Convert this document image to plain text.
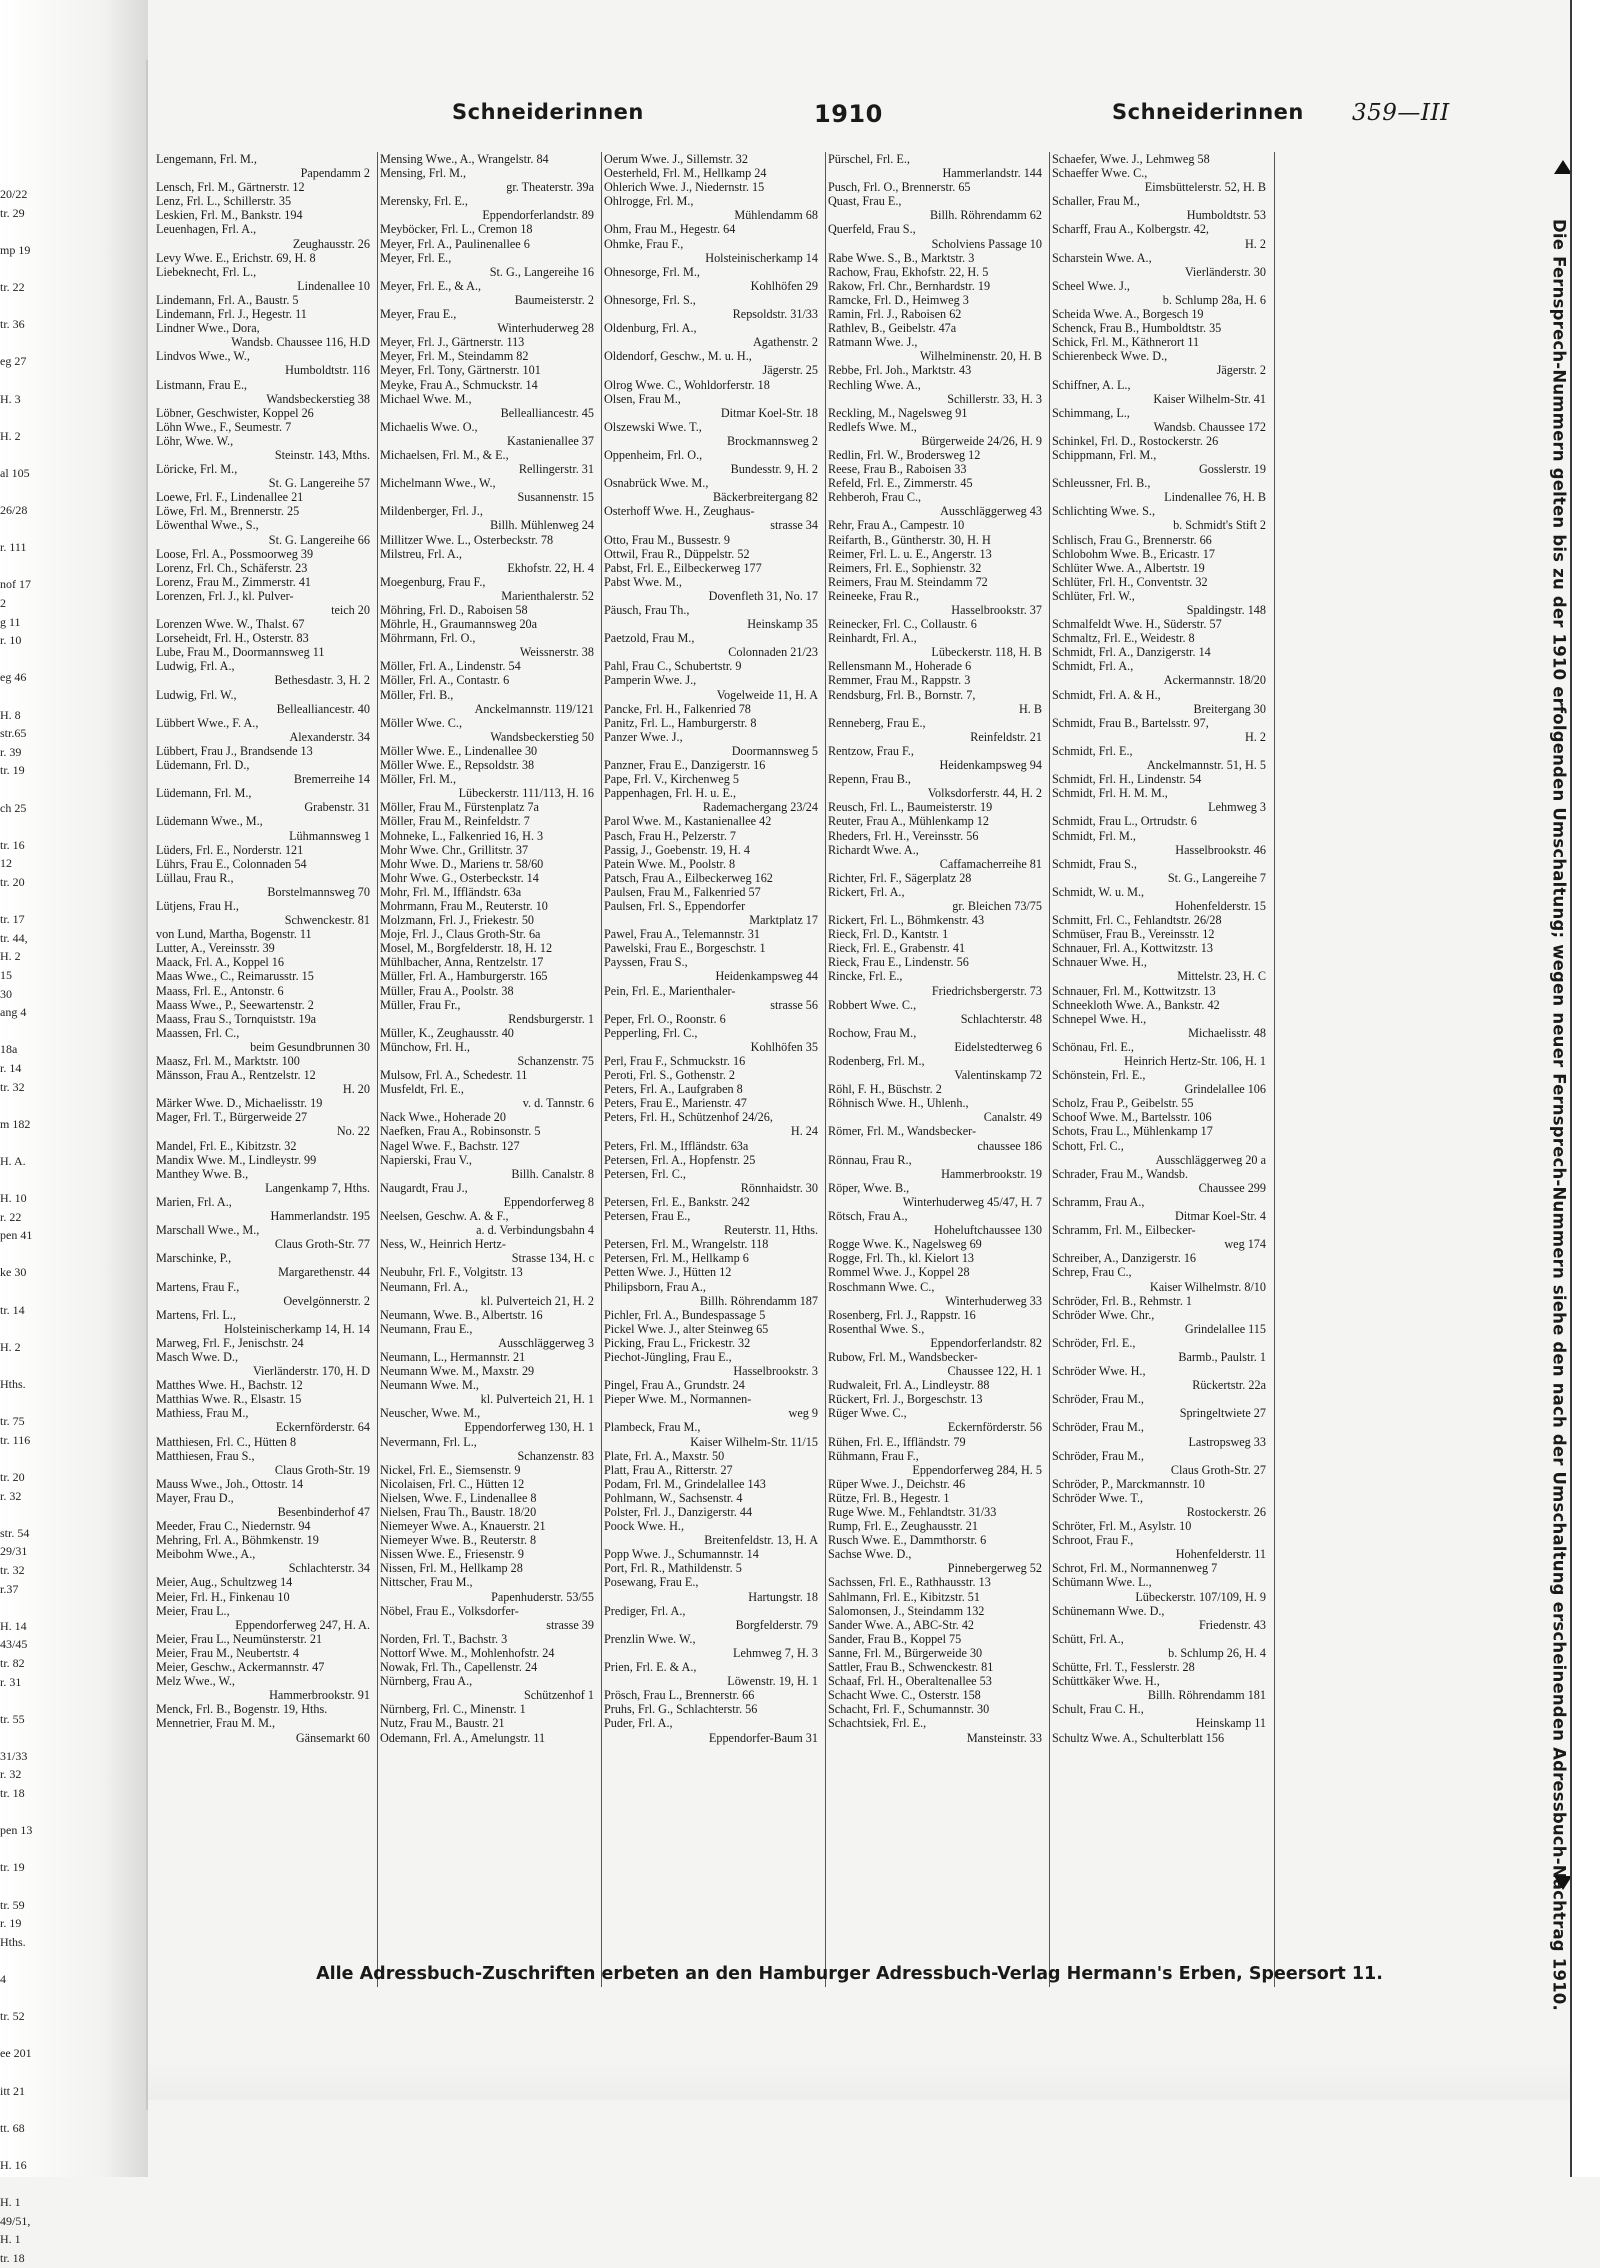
20/22
tr. 29

mp 19

tr. 22

tr. 36

eg 27

H. 3

H. 2

al 105

26/28

r. 111

nof 17
2
g 11
r. 10

eg 46

H. 8
str.65
r. 39
tr. 19

ch 25

tr. 16
12
tr. 20

tr. 17
tr. 44,
H. 2
15
30
ang 4

18a
r. 14
tr. 32

m 182

H. A.

H. 10
r. 22
pen 41

ke 30

tr. 14

H. 2

Hths.

tr. 75
tr. 116

tr. 20
r. 32

str. 54
29/31
tr. 32
r.37

H. 14
43/45
tr. 82
r. 31

tr. 55

31/33
r. 32
tr. 18

pen 13

tr. 19

tr. 59
r. 19
Hths.

4

tr. 52

ee 201

itt 21

tt. 68

H. 16

H. 1
49/51,
H. 1
tr. 18
Schneiderinnen	1910	Schneiderinnen 359—III
Lengemann, Frl. M.,
Papendamm 2
Lensch, Frl. M., Gärtnerstr. 12
Lenz, Frl. L., Schillerstr. 35
Leskien, Frl. M., Bankstr. 194
Leuenhagen, Frl. A.,
Zeughausstr. 26
Levy Wwe. E., Erichstr. 69, H. 8
Liebeknecht, Frl. L.,
Lindenallee 10
Lindemann, Frl. A., Baustr. 5
Lindemann, Frl. J., Hegestr. 11
Lindner Wwe., Dora,
Wandsb. Chaussee 116, H.D
Lindvos Wwe., W.,
Humboldtstr. 116
Listmann, Frau E.,
Wandsbeckerstieg 38
Löbner, Geschwister, Koppel 26
Löhn Wwe., F., Seumestr. 7
Löhr, Wwe. W.,
Steinstr. 143, Mths.
Löricke, Frl. M.,
St. G. Langereihe 57
Loewe, Frl. F., Lindenallee 21
Löwe, Frl. M., Brennerstr. 25
Löwenthal Wwe., S.,
St. G. Langereihe 66
Loose, Frl. A., Possmoorweg 39
Lorenz, Frl. Ch., Schäferstr. 23
Lorenz, Frau M., Zimmerstr. 41
Lorenzen, Frl. J., kl. Pulver-
teich 20
Lorenzen Wwe. W., Thalst. 67
Lorseheidt, Frl. H., Osterstr. 83
Lube, Frau M., Doormannsweg 11
Ludwig, Frl. A.,
Bethesdastr. 3, H. 2
Ludwig, Frl. W.,
Bellealliancestr. 40
Lübbert Wwe., F. A.,
Alexanderstr. 34
Lübbert, Frau J., Brandsende 13
Lüdemann, Frl. D.,
Bremerreihe 14
Lüdemann, Frl. M.,
Grabenstr. 31
Lüdemann Wwe., M.,
Lühmannsweg 1
Lüders, Frl. E., Norderstr. 121
Lührs, Frau E., Colonnaden 54
Lüllau, Frau R.,
Borstelmannsweg 70
Lütjens, Frau H.,
Schwenckestr. 81
von Lund, Martha, Bogenstr. 11
Lutter, A., Vereinsstr. 39
Maack, Frl. A., Koppel 16
Maas Wwe., C., Reimarusstr. 15
Maass, Frl. E., Antonstr. 6
Maass Wwe., P., Seewartenstr. 2
Maass, Frau S., Tornquiststr. 19a
Maassen, Frl. C.,
beim Gesundbrunnen 30
Maasz, Frl. M., Marktstr. 100
Mänsson, Frau A., Rentzelstr. 12
H. 20
Märker Wwe. D., Michaelisstr. 19
Mager, Frl. T., Bürgerweide 27
No. 22
Mandel, Frl. E., Kibitzstr. 32
Mandix Wwe. M., Lindleystr. 99
Manthey Wwe. B.,
Langenkamp 7, Hths.
Marien, Frl. A.,
Hammerlandstr. 195
Marschall Wwe., M.,
Claus Groth-Str. 77
Marschinke, P.,
Margarethenstr. 44
Martens, Frau F.,
Oevelgönnerstr. 2
Martens, Frl. L.,
Holsteinischerkamp 14, H. 14
Marweg, Frl. F., Jenischstr. 24
Masch Wwe. D.,
Vierländerstr. 170, H. D
Matthes Wwe. H., Bachstr. 12
Matthias Wwe. R., Elsastr. 15
Mathiess, Frau M.,
Eckernförderstr. 64
Matthiesen, Frl. C., Hütten 8
Matthiesen, Frau S.,
Claus Groth-Str. 19
Mauss Wwe., Joh., Ottostr. 14
Mayer, Frau D.,
Besenbinderhof 47
Meeder, Frau C., Niedernstr. 94
Mehring, Frl. A., Böhmkenstr. 19
Meibohm Wwe., A.,
Schlachterstr. 34
Meier, Aug., Schultzweg 14
Meier, Frl. H., Finkenau 10
Meier, Frau L.,
Eppendorferweg 247, H. A.
Meier, Frau L., Neumünsterstr. 21
Meier, Frau M., Neubertstr. 4
Meier, Geschw., Ackermannstr. 47
Melz Wwe., W.,
Hammerbrookstr. 91
Menck, Frl. B., Bogenstr. 19, Hths.
Mennetrier, Frau M. M.,
Gänsemarkt 60
Mensing Wwe., A., Wrangelstr. 84
Mensing, Frl. M.,
gr. Theaterstr. 39a
Merensky, Frl. E.,
Eppendorferlandstr. 89
Meyböcker, Frl. L., Cremon 18
Meyer, Frl. A., Paulinenallee 6
Meyer, Frl. E.,
St. G., Langereihe 16
Meyer, Frl. E., & A.,
Baumeisterstr. 2
Meyer, Frau E.,
Winterhuderweg 28
Meyer, Frl. J., Gärtnerstr. 113
Meyer, Frl. M., Steindamm 82
Meyer, Frl. Tony, Gärtnerstr. 101
Meyke, Frau A., Schmuckstr. 14
Michael Wwe. M.,
Bellealliancestr. 45
Michaelis Wwe. O.,
Kastanienallee 37
Michaelsen, Frl. M., & E.,
Rellingerstr. 31
Michelmann Wwe., W.,
Susannenstr. 15
Mildenberger, Frl. J.,
Billh. Mühlenweg 24
Millitzer Wwe. L., Osterbeckstr. 78
Milstreu, Frl. A.,
Ekhofstr. 22, H. 4
Moegenburg, Frau F.,
Marienthalerstr. 52
Möhring, Frl. D., Raboisen 58
Möhrle, H., Graumannsweg 20a
Möhrmann, Frl. O.,
Weissnerstr. 38
Möller, Frl. A., Lindenstr. 54
Möller, Frl. A., Contastr. 6
Möller, Frl. B.,
Anckelmannstr. 119/121
Möller Wwe. C.,
Wandsbeckerstieg 50
Möller Wwe. E., Lindenallee 30
Möller Wwe. E., Repsoldstr. 38
Möller, Frl. M.,
Lübeckerstr. 111/113, H. 16
Möller, Frau M., Fürstenplatz 7a
Möller, Frau M., Reinfeldstr. 7
Mohneke, L., Falkenried 16, H. 3
Mohr Wwe. Chr., Grillitstr. 37
Mohr Wwe. D., Mariens tr. 58/60
Mohr Wwe. G., Osterbeckstr. 14
Mohr, Frl. M., Iffländstr. 63a
Mohrmann, Frau M., Reuterstr. 10
Molzmann, Frl. J., Friekestr. 50
Moje, Frl. J., Claus Groth-Str. 6a
Mosel, M., Borgfelderstr. 18, H. 12
Mühlbacher, Anna, Rentzelstr. 17
Müller, Frl. A., Hamburgerstr. 165
Müller, Frau A., Poolstr. 38
Müller, Frau Fr.,
Rendsburgerstr. 1
Müller, K., Zeughausstr. 40
Münchow, Frl. H.,
Schanzenstr. 75
Mulsow, Frl. A., Schedestr. 11
Musfeldt, Frl. E.,
v. d. Tannstr. 6
Nack Wwe., Hoherade 20
Naefken, Frau A., Robinsonstr. 5
Nagel Wwe. F., Bachstr. 127
Napierski, Frau V.,
Billh. Canalstr. 8
Naugardt, Frau J.,
Eppendorferweg 8
Neelsen, Geschw. A. & F.,
a. d. Verbindungsbahn 4
Ness, W., Heinrich Hertz-
Strasse 134, H. c
Neubuhr, Frl. F., Volgitstr. 13
Neumann, Frl. A.,
kl. Pulverteich 21, H. 2
Neumann, Wwe. B., Albertstr. 16
Neumann, Frau E.,
Ausschläggerweg 3
Neumann, L., Hermannstr. 21
Neumann Wwe. M., Maxstr. 29
Neumann Wwe. M.,
kl. Pulverteich 21, H. 1
Neuscher, Wwe. M.,
Eppendorferweg 130, H. 1
Nevermann, Frl. L.,
Schanzenstr. 83
Nickel, Frl. E., Siemsenstr. 9
Nicolaisen, Frl. C., Hütten 12
Nielsen, Wwe. F., Lindenallee 8
Nielsen, Frau Th., Baustr. 18/20
Niemeyer Wwe. A., Knauerstr. 21
Niemeyer Wwe. B., Reuterstr. 8
Nissen Wwe. E., Friesenstr. 9
Nissen, Frl. M., Hellkamp 28
Nittscher, Frau M.,
Papenhuderstr. 53/55
Nöbel, Frau E., Volksdorfer-
strasse 39
Norden, Frl. T., Bachstr. 3
Nottorf Wwe. M., Mohlenhofstr. 24
Nowak, Frl. Th., Capellenstr. 24
Nürnberg, Frau A.,
Schützenhof 1
Nürnberg, Frl. C., Minenstr. 1
Nutz, Frau M., Baustr. 21
Odemann, Frl. A., Amelungstr. 11
Oerum Wwe. J., Sillemstr. 32
Oesterheld, Frl. M., Hellkamp 24
Ohlerich Wwe. J., Niedernstr. 15
Ohlrogge, Frl. M.,
Mühlendamm 68
Ohm, Frau M., Hegestr. 64
Ohmke, Frau F.,
Holsteinischerkamp 14
Ohnesorge, Frl. M.,
Kohlhöfen 29
Ohnesorge, Frl. S.,
Repsoldstr. 31/33
Oldenburg, Frl. A.,
Agathenstr. 2
Oldendorf, Geschw., M. u. H.,
Jägerstr. 25
Olrog Wwe. C., Wohldorferstr. 18
Olsen, Frau M.,
Ditmar Koel-Str. 18
Olszewski Wwe. T.,
Brockmannsweg 2
Oppenheim, Frl. O.,
Bundesstr. 9, H. 2
Osnabrück Wwe. M.,
Bäckerbreitergang 82
Osterhoff Wwe. H., Zeughaus-
strasse 34
Otto, Frau M., Bussestr. 9
Ottwil, Frau R., Düppelstr. 52
Pabst, Frl. E., Eilbeckerweg 177
Pabst Wwe. M.,
Dovenfleth 31, No. 17
Päusch, Frau Th.,
Heinskamp 35
Paetzold, Frau M.,
Colonnaden 21/23
Pahl, Frau C., Schubertstr. 9
Pamperin Wwe. J.,
Vogelweide 11, H. A
Pancke, Frl. H., Falkenried 78
Panitz, Frl. L., Hamburgerstr. 8
Panzer Wwe. J.,
Doormannsweg 5
Panzner, Frau E., Danzigerstr. 16
Pape, Frl. V., Kirchenweg 5
Pappenhagen, Frl. H. u. E.,
Rademachergang 23/24
Parol Wwe. M., Kastanienallee 42
Pasch, Frau H., Pelzerstr. 7
Passig, J., Goebenstr. 19, H. 4
Patein Wwe. M., Poolstr. 8
Patsch, Frau A., Eilbeckerweg 162
Paulsen, Frau M., Falkenried 57
Paulsen, Frl. S., Eppendorfer
Marktplatz 17
Pawel, Frau A., Telemannstr. 31
Pawelski, Frau E., Borgeschstr. 1
Payssen, Frau S.,
Heidenkampsweg 44
Pein, Frl. E., Marienthaler-
strasse 56
Peper, Frl. O., Roonstr. 6
Pepperling, Frl. C.,
Kohlhöfen 35
Perl, Frau F., Schmuckstr. 16
Peroti, Frl. S., Gothenstr. 2
Peters, Frl. A., Laufgraben 8
Peters, Frau E., Marienstr. 47
Peters, Frl. H., Schützenhof 24/26,
H. 24
Peters, Frl. M., Iffländstr. 63a
Petersen, Frl. A., Hopfenstr. 25
Petersen, Frl. C.,
Rönnhaidstr. 30
Petersen, Frl. E., Bankstr. 242
Petersen, Frau E.,
Reuterstr. 11, Hths.
Petersen, Frl. M., Wrangelstr. 118
Petersen, Frl. M., Hellkamp 6
Petten Wwe. J., Hütten 12
Philipsborn, Frau A.,
Billh. Röhrendamm 187
Pichler, Frl. A., Bundespassage 5
Pickel Wwe. J., alter Steinweg 65
Picking, Frau L., Frickestr. 32
Piechot-Jüngling, Frau E.,
Hasselbrookstr. 3
Pingel, Frau A., Grundstr. 24
Pieper Wwe. M., Normannen-
weg 9
Plambeck, Frau M.,
Kaiser Wilhelm-Str. 11/15
Plate, Frl. A., Maxstr. 50
Platt, Frau A., Ritterstr. 27
Podam, Frl. M., Grindelallee 143
Pohlmann, W., Sachsenstr. 4
Polster, Frl. J., Danzigerstr. 44
Poock Wwe. H.,
Breitenfeldstr. 13, H. A
Popp Wwe. J., Schumannstr. 14
Port, Frl. R., Mathildenstr. 5
Posewang, Frau E.,
Hartungstr. 18
Prediger, Frl. A.,
Borgfelderstr. 79
Prenzlin Wwe. W.,
Lehmweg 7, H. 3
Prien, Frl. E. & A.,
Löwenstr. 19, H. 1
Prösch, Frau L., Brennerstr. 66
Pruhs, Frl. G., Schlachterstr. 56
Puder, Frl. A.,
Eppendorfer-Baum 31
Pürschel, Frl. E.,
Hammerlandstr. 144
Pusch, Frl. O., Brennerstr. 65
Quast, Frau E.,
Billh. Röhrendamm 62
Querfeld, Frau S.,
Scholviens Passage 10
Rabe Wwe. S., B., Marktstr. 3
Rachow, Frau, Ekhofstr. 22, H. 5
Rakow, Frl. Chr., Bernhardstr. 19
Ramcke, Frl. D., Heimweg 3
Ramin, Frl. J., Raboisen 62
Rathlev, B., Geibelstr. 47a
Ratmann Wwe. J.,
Wilhelminenstr. 20, H. B
Rebbe, Frl. Joh., Marktstr. 43
Rechling Wwe. A.,
Schillerstr. 33, H. 3
Reckling, M., Nagelsweg 91
Redlefs Wwe. M.,
Bürgerweide 24/26, H. 9
Redlin, Frl. W., Brodersweg 12
Reese, Frau B., Raboisen 33
Refeld, Frl. E., Zimmerstr. 45
Rehberoh, Frau C.,
Ausschläggerweg 43
Rehr, Frau A., Campestr. 10
Reifarth, B., Güntherstr. 30, H. H
Reimer, Frl. L. u. E., Angerstr. 13
Reimers, Frl. E., Sophienstr. 32
Reimers, Frau M. Steindamm 72
Reineeke, Frau R.,
Hasselbrookstr. 37
Reinecker, Frl. C., Collaustr. 6
Reinhardt, Frl. A.,
Lübeckerstr. 118, H. B
Rellensmann M., Hoherade 6
Remmer, Frau M., Rappstr. 3
Rendsburg, Frl. B., Bornstr. 7,
H. B
Renneberg, Frau E.,
Reinfeldstr. 21
Rentzow, Frau F.,
Heidenkampsweg 94
Repenn, Frau B.,
Volksdorferstr. 44, H. 2
Reusch, Frl. L., Baumeisterstr. 19
Reuter, Frau A., Mühlenkamp 12
Rheders, Frl. H., Vereinsstr. 56
Richardt Wwe. A.,
Caffamacherreihe 81
Richter, Frl. F., Sägerplatz 28
Rickert, Frl. A.,
gr. Bleichen 73/75
Rickert, Frl. L., Böhmkenstr. 43
Rieck, Frl. D., Kantstr. 1
Rieck, Frl. E., Grabenstr. 41
Rieck, Frau E., Lindenstr. 56
Rincke, Frl. E.,
Friedrichsbergerstr. 73
Robbert Wwe. C.,
Schlachterstr. 48
Rochow, Frau M.,
Eidelstedterweg 6
Rodenberg, Frl. M.,
Valentinskamp 72
Röhl, F. H., Büschstr. 2
Röhnisch Wwe. H., Uhlenh.,
Canalstr. 49
Römer, Frl. M., Wandsbecker-
chaussee 186
Rönnau, Frau R.,
Hammerbrookstr. 19
Röper, Wwe. B.,
Winterhuderweg 45/47, H. 7
Rötsch, Frau A.,
Hoheluftchaussee 130
Rogge Wwe. K., Nagelsweg 69
Rogge, Frl. Th., kl. Kielort 13
Rommel Wwe. J., Koppel 28
Roschmann Wwe. C.,
Winterhuderweg 33
Rosenberg, Frl. J., Rappstr. 16
Rosenthal Wwe. S.,
Eppendorferlandstr. 82
Rubow, Frl. M., Wandsbecker-
Chaussee 122, H. 1
Rudwaleit, Frl. A., Lindleystr. 88
Rückert, Frl. J., Borgeschstr. 13
Rüger Wwe. C.,
Eckernförderstr. 56
Rühen, Frl. E., Iffländstr. 79
Rühmann, Frau F.,
Eppendorferweg 284, H. 5
Rüper Wwe. J., Deichstr. 46
Rütze, Frl. B., Hegestr. 1
Ruge Wwe. M., Fehlandtstr. 31/33
Rump, Frl. E., Zeughausstr. 21
Rusch Wwe. E., Dammthorstr. 6
Sachse Wwe. D.,
Pinnebergerweg 52
Sachssen, Frl. E., Rathhausstr. 13
Sahlmann, Frl. E., Kibitzstr. 51
Salomonsen, J., Steindamm 132
Sander Wwe. A., ABC-Str. 42
Sander, Frau B., Koppel 75
Sanne, Frl. M., Bürgerweide 30
Sattler, Frau B., Schwenckestr. 81
Schaaf, Frl. H., Oberaltenallee 53
Schacht Wwe. C., Osterstr. 158
Schacht, Frl. F., Schumannstr. 30
Schachtsiek, Frl. E.,
Mansteinstr. 33
Schaefer, Wwe. J., Lehmweg 58
Schaeffer Wwe. C.,
Eimsbüttelerstr. 52, H. B
Schaller, Frau M.,
Humboldtstr. 53
Scharff, Frau A., Kolbergstr. 42,
H. 2
Scharstein Wwe. A.,
Vierländerstr. 30
Scheel Wwe. J.,
b. Schlump 28a, H. 6
Scheida Wwe. A., Borgesch 19
Schenck, Frau B., Humboldtstr. 35
Schick, Frl. M., Käthnerort 11
Schierenbeck Wwe. D.,
Jägerstr. 2
Schiffner, A. L.,
Kaiser Wilhelm-Str. 41
Schimmang, L.,
Wandsb. Chaussee 172
Schinkel, Frl. D., Rostockerstr. 26
Schippmann, Frl. M.,
Gosslerstr. 19
Schleussner, Frl. B.,
Lindenallee 76, H. B
Schlichting Wwe. S.,
b. Schmidt's Stift 2
Schlisch, Frau G., Brennerstr. 66
Schlobohm Wwe. B., Ericastr. 17
Schlüter Wwe. A., Albertstr. 19
Schlüter, Frl. H., Conventstr. 32
Schlüter, Frl. W.,
Spaldingstr. 148
Schmalfeldt Wwe. H., Süderstr. 57
Schmaltz, Frl. E., Weidestr. 8
Schmidt, Frl. A., Danzigerstr. 14
Schmidt, Frl. A.,
Ackermannstr. 18/20
Schmidt, Frl. A. & H.,
Breitergang 30
Schmidt, Frau B., Bartelsstr. 97,
H. 2
Schmidt, Frl. E.,
Anckelmannstr. 51, H. 5
Schmidt, Frl. H., Lindenstr. 54
Schmidt, Frl. H. M. M.,
Lehmweg 3
Schmidt, Frau L., Ortrudstr. 6
Schmidt, Frl. M.,
Hasselbrookstr. 46
Schmidt, Frau S.,
St. G., Langereihe 7
Schmidt, W. u. M.,
Hohenfelderstr. 15
Schmitt, Frl. C., Fehlandtstr. 26/28
Schmüser, Frau B., Vereinsstr. 12
Schnauer, Frl. A., Kottwitzstr. 13
Schnauer Wwe. H.,
Mittelstr. 23, H. C
Schnauer, Frl. M., Kottwitzstr. 13
Schneekloth Wwe. A., Bankstr. 42
Schnepel Wwe. H.,
Michaelisstr. 48
Schönau, Frl. E.,
Heinrich Hertz-Str. 106, H. 1
Schönstein, Frl. E.,
Grindelallee 106
Scholz, Frau P., Geibelstr. 55
Schoof Wwe. M., Bartelsstr. 106
Schots, Frau L., Mühlenkamp 17
Schott, Frl. C.,
Ausschläggerweg 20 a
Schrader, Frau M., Wandsb.
Chaussee 299
Schramm, Frau A.,
Ditmar Koel-Str. 4
Schramm, Frl. M., Eilbecker-
weg 174
Schreiber, A., Danzigerstr. 16
Schrep, Frau C.,
Kaiser Wilhelmstr. 8/10
Schröder, Frl. B., Rehmstr. 1
Schröder Wwe. Chr.,
Grindelallee 115
Schröder, Frl. E.,
Barmb., Paulstr. 1
Schröder Wwe. H.,
Rückertstr. 22a
Schröder, Frau M.,
Springeltwiete 27
Schröder, Frau M.,
Lastropsweg 33
Schröder, Frau M.,
Claus Groth-Str. 27
Schröder, P., Marckmannstr. 10
Schröder Wwe. T.,
Rostockerstr. 26
Schröter, Frl. M., Asylstr. 10
Schroot, Frau F.,
Hohenfelderstr. 11
Schrot, Frl. M., Normannenweg 7
Schümann Wwe. L.,
Lübeckerstr. 107/109, H. 9
Schünemann Wwe. D.,
Friedenstr. 43
Schütt, Frl. A.,
b. Schlump 26, H. 4
Schütte, Frl. T., Fesslerstr. 28
Schüttkäker Wwe. H.,
Billh. Röhrendamm 181
Schult, Frau C. H.,
Heinskamp 11
Schultz Wwe. A., Schulterblatt 156	Die Fernsprech-Nummern gelten bis zu der 1910 erfolgenden Umschaltung; wegen neuer Fernsprech-Nummern siehe den nach der Umschaltung erscheinenden Adressbuch-Nachtrag 1910.
Alle Adressbuch-Zuschriften erbeten an den Hamburger Adressbuch-Verlag Hermann's Erben, Speersort 11.
